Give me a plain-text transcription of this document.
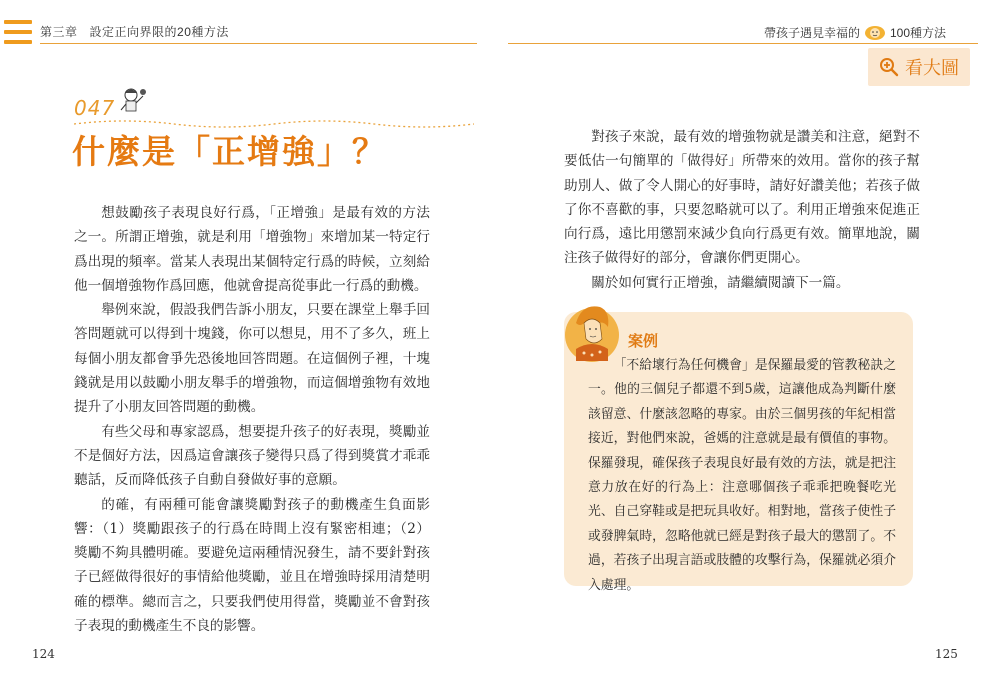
第三章 設定正向界限的20種方法	帶孩子遇見幸福的	100種方法
看大圖
047
什麼是「正增強」？

想鼓勵孩子表現良好行爲，「正增強」是最有效的方法之一。所謂正增強，就是利用「增強物」來增加某一特定行爲出現的頻率。當某人表現出某個特定行爲的時候，立刻給他一個增強物作爲回應，他就會提高從事此一行爲的動機。

舉例來說，假設我們告訴小朋友，只要在課堂上舉手回答問題就可以得到十塊錢，你可以想見，用不了多久，班上每個小朋友都會爭先恐後地回答問題。在這個例子裡，十塊錢就是用以鼓勵小朋友舉手的增強物，而這個增強物有效地提升了小朋友回答問題的動機。

有些父母和專家認爲，想要提升孩子的好表現，獎勵並不是個好方法，因爲這會讓孩子變得只爲了得到獎賞才乖乖聽話，反而降低孩子自動自發做好事的意願。

的確，有兩種可能會讓獎勵對孩子的動機產生負面影響：（1）獎勵跟孩子的行爲在時間上沒有緊密相連；（2）獎勵不夠具體明確。要避免這兩種情況發生，請不要針對孩子已經做得很好的事情給他獎勵，並且在增強時採用清楚明確的標準。總而言之，只要我們使用得當，獎勵並不會對孩子表現的動機產生不良的影響。

對孩子來說，最有效的增強物就是讚美和注意，絕對不要低估一句簡單的「做得好」所帶來的效用。當你的孩子幫助別人、做了令人開心的好事時，請好好讚美他；若孩子做了你不喜歡的事，只要忽略就可以了。利用正增強來促進正向行爲，遠比用懲罰來減少負向行爲更有效。簡單地說，關注孩子做得好的部分，會讓你們更開心。

關於如何實行正增強，請繼續閱讀下一篇。

案例

「不給壞行為任何機會」是保羅最愛的管教秘訣之一。他的三個兒子都還不到5歲，這讓他成為判斷什麼該留意、什麼該忽略的專家。由於三個男孩的年紀相當接近，對他們來說，爸媽的注意就是最有價值的事物。保羅發現，確保孩子表現良好最有效的方法，就是把注意力放在好的行為上：注意哪個孩子乖乖把晚餐吃光光、自己穿鞋或是把玩具收好。相對地，當孩子使性子或發脾氣時，忽略他就已經是對孩子最大的懲罰了。不過，若孩子出現言語或肢體的攻擊行為，保羅就必須介入處理。

124	125
